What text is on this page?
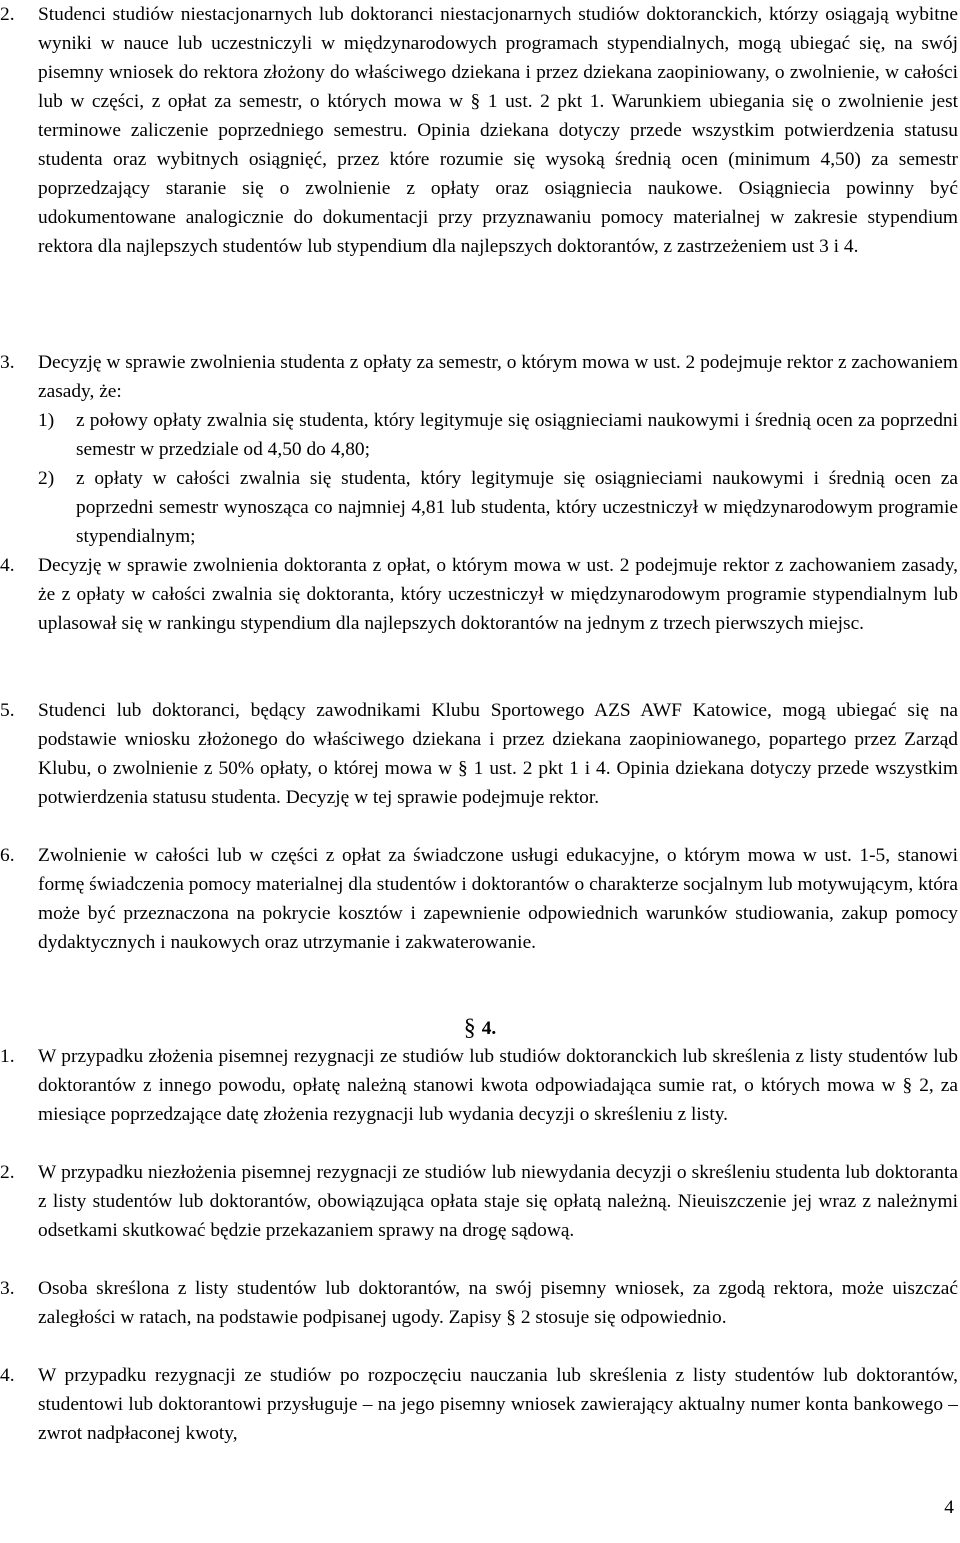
2.	Studenci studiów niestacjonarnych lub doktoranci niestacjonarnych studiów doktoranckich, którzy osiągają wybitne wyniki w nauce lub uczestniczyli w międzynarodowych programach stypendialnych, mogą ubiegać się, na swój pisemny wniosek do rektora złożony do właściwego dziekana i przez dziekana zaopiniowany, o zwolnienie, w całości lub w części, z opłat za semestr, o których mowa w § 1 ust. 2 pkt 1. Warunkiem ubiegania się o zwolnienie jest terminowe zaliczenie poprzedniego semestru. Opinia dziekana dotyczy przede wszystkim potwierdzenia statusu studenta oraz wybitnych osiągnięć, przez które rozumie się wysoką średnią ocen (minimum 4,50) za semestr poprzedzający staranie się o zwolnienie z opłaty oraz osiągniecia naukowe. Osiągniecia powinny być udokumentowane analogicznie do dokumentacji przy przyznawaniu pomocy materialnej w zakresie stypendium rektora dla najlepszych studentów lub stypendium dla najlepszych doktorantów, z zastrzeżeniem ust 3 i 4.
3.	Decyzję w sprawie zwolnienia studenta z opłaty za semestr, o którym mowa w ust. 2 podejmuje rektor z zachowaniem zasady, że:
1)	z połowy opłaty zwalnia się studenta, który legitymuje się osiągnieciami naukowymi i średnią ocen za poprzedni semestr w przedziale od 4,50 do 4,80;
2)	z opłaty w całości zwalnia się studenta, który legitymuje się osiągnieciami naukowymi i średnią ocen za poprzedni semestr wynosząca co najmniej 4,81 lub studenta, który uczestniczył w międzynarodowym programie stypendialnym;
4.	Decyzję w sprawie zwolnienia doktoranta z opłat, o którym mowa w ust. 2 podejmuje rektor z zachowaniem zasady, że z opłaty w całości zwalnia się doktoranta, który uczestniczył w międzynarodowym programie stypendialnym lub uplasował się w rankingu stypendium dla najlepszych doktorantów na jednym z trzech pierwszych miejsc.
5.	Studenci lub doktoranci, będący zawodnikami Klubu Sportowego AZS AWF Katowice, mogą ubiegać się na podstawie wniosku złożonego do właściwego dziekana i przez dziekana zaopiniowanego, popartego przez Zarząd Klubu, o zwolnienie z 50% opłaty, o której mowa w § 1 ust. 2 pkt 1 i 4. Opinia dziekana dotyczy przede wszystkim potwierdzenia statusu studenta. Decyzję w tej sprawie podejmuje rektor.
6.	Zwolnienie w całości lub w części z opłat za świadczone usługi edukacyjne, o którym mowa w ust. 1-5, stanowi formę świadczenia pomocy materialnej dla studentów i doktorantów o charakterze socjalnym lub motywującym, która może być przeznaczona na pokrycie kosztów i zapewnienie odpowiednich warunków studiowania, zakup pomocy dydaktycznych i naukowych oraz utrzymanie i zakwaterowanie.
§ 4.
1.	W przypadku złożenia pisemnej rezygnacji ze studiów lub studiów doktoranckich lub skreślenia z listy studentów lub doktorantów z innego powodu, opłatę należną stanowi kwota odpowiadająca sumie rat, o których mowa w § 2, za miesiące poprzedzające datę złożenia rezygnacji lub wydania decyzji o skreśleniu z listy.
2.	W przypadku niezłożenia pisemnej rezygnacji ze studiów lub niewydania decyzji o skreśleniu studenta lub doktoranta z listy studentów lub doktorantów, obowiązująca opłata staje się opłatą należną. Nieuiszczenie jej wraz z należnymi odsetkami skutkować będzie przekazaniem sprawy na drogę sądową.
3.	Osoba skreślona z listy studentów lub doktorantów, na swój pisemny wniosek, za zgodą rektora, może uiszczać zaległości w ratach, na podstawie podpisanej ugody. Zapisy § 2 stosuje się odpowiednio.
4.	W przypadku rezygnacji ze studiów po rozpoczęciu nauczania lub skreślenia z listy studentów lub doktorantów, studentowi lub doktorantowi przysługuje – na jego pisemny wniosek zawierający aktualny numer konta bankowego – zwrot nadpłaconej kwoty,
4
